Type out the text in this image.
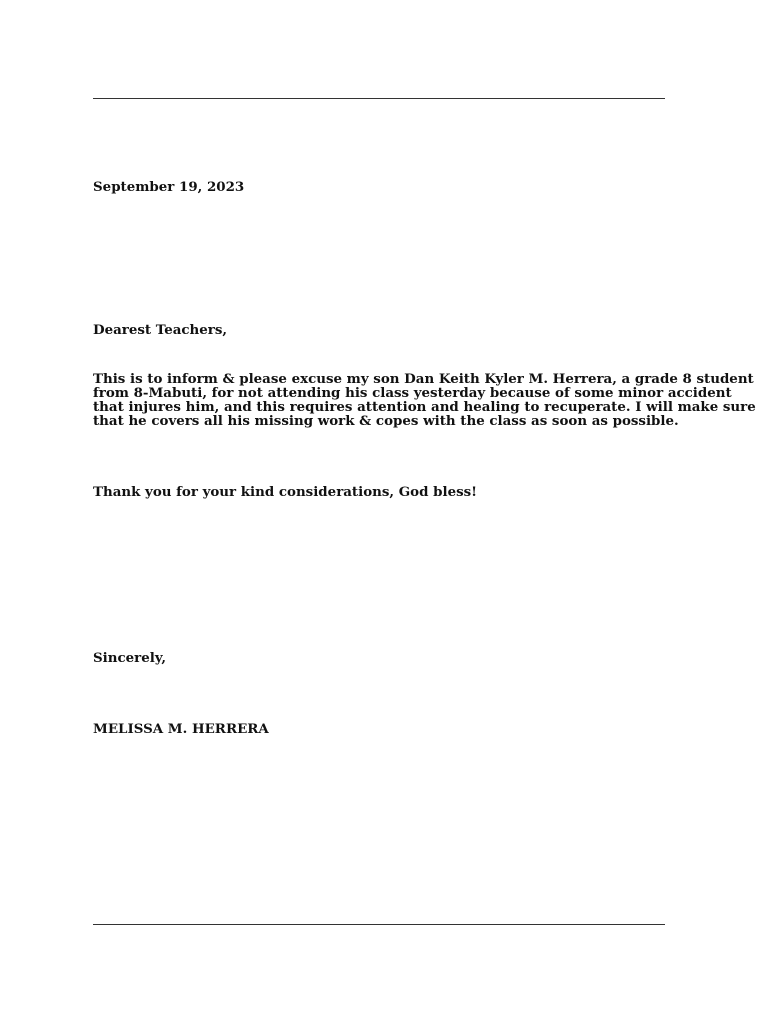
September 19, 2023

Dearest Teachers,

This is to inform & please excuse my son Dan Keith Kyler M. Herrera, a grade 8 student
from 8-Mabuti, for not attending his class yesterday because of some minor accident
that injures him, and this requires attention and healing to recuperate. I will make sure
that he covers all his missing work & copes with the class as soon as possible.

Thank you for your kind considerations, God bless!

Sincerely,

MELISSA M. HERRERA
